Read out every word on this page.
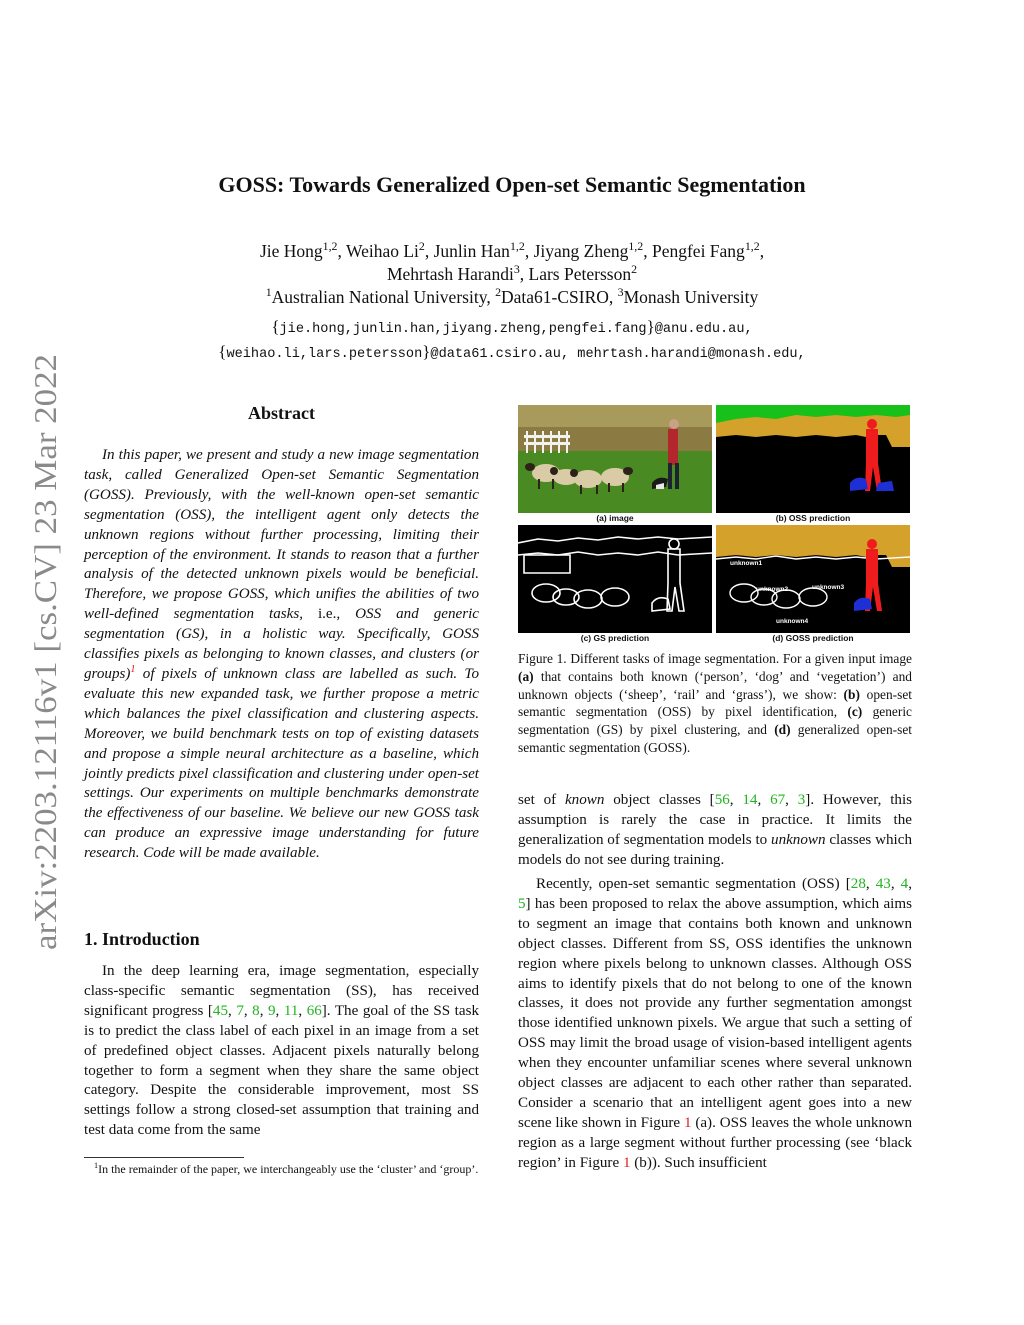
arXiv:2203.12116v1 [cs.CV] 23 Mar 2022
GOSS: Towards Generalized Open-set Semantic Segmentation
Jie Hong$^{1,2}$, Weihao Li$^2$, Junlin Han$^{1,2}$, Jiyang Zheng$^{1,2}$, Pengfei Fang$^{1,2}$,
Mehrtash Harandi$^3$, Lars Petersson$^2$
$^1$Australian National University, $^2$Data61-CSIRO, $^3$Monash University
{jie.hong,junlin.han,jiyang.zheng,pengfei.fang}@anu.edu.au,
{weihao.li,lars.petersson}@data61.csiro.au, mehrtash.harandi@monash.edu,
Abstract

In this paper, we present and study a new image segmentation task, called Generalized Open-set Semantic Segmentation (GOSS). Previously, with the well-known open-set semantic segmentation (OSS), the intelligent agent only detects the unknown regions without further processing, limiting their perception of the environment. It stands to reason that a further analysis of the detected unknown pixels would be beneficial. Therefore, we propose GOSS, which unifies the abilities of two well-defined segmentation tasks, i.e., OSS and generic segmentation (GS), in a holistic way. Specifically, GOSS classifies pixels as belonging to known classes, and clusters (or groups)$^1$ of pixels of unknown class are labelled as such. To evaluate this new expanded task, we further propose a metric which balances the pixel classification and clustering aspects. Moreover, we build benchmark tests on top of existing datasets and propose a simple neural architecture as a baseline, which jointly predicts pixel classification and clustering under open-set settings. Our experiments on multiple benchmarks demonstrate the effectiveness of our baseline. We believe our new GOSS task can produce an expressive image understanding for future research. Code will be made available.

1. Introduction

In the deep learning era, image segmentation, especially class-specific semantic segmentation (SS), has received significant progress [45, 7, 8, 9, 11, 66]. The goal of the SS task is to predict the class label of each pixel in an image from a set of predefined object classes. Adjacent pixels naturally belong together to form a segment when they share the same object category. Despite the considerable improvement, most SS settings follow a strong closed-set assumption that training and test data come from the same

$^1$In the remainder of the paper, we interchangeably use the ‘cluster’ and ‘group’.
(a) image	(b) OSS prediction
(c) GS prediction
unknown1
unknown2	unknown3
unknown4
(d) GOSS prediction
Figure 1. Different tasks of image segmentation. For a given input image (a) that contains both known (‘person’, ‘dog’ and ‘vegetation’) and unknown objects (‘sheep’, ‘rail’ and ‘grass’), we show: (b) open-set semantic segmentation (OSS) by pixel identification, (c) generic segmentation (GS) by pixel clustering, and (d) generalized open-set semantic segmentation (GOSS).

set of known object classes [56, 14, 67, 3]. However, this assumption is rarely the case in practice. It limits the generalization of segmentation models to unknown classes which models do not see during training.

Recently, open-set semantic segmentation (OSS) [28, 43, 4, 5] has been proposed to relax the above assumption, which aims to segment an image that contains both known and unknown object classes. Different from SS, OSS identifies the unknown region where pixels belong to unknown classes. Although OSS aims to identify pixels that do not belong to one of the known classes, it does not provide any further segmentation amongst those identified unknown pixels. We argue that such a setting of OSS may limit the broad usage of vision-based intelligent agents when they encounter unfamiliar scenes where several unknown object classes are adjacent to each other rather than separated. Consider a scenario that an intelligent agent goes into a new scene like shown in Figure 1 (a). OSS leaves the whole unknown region as a large segment without further processing (see ‘black region’ in Figure 1 (b)). Such insufficient
